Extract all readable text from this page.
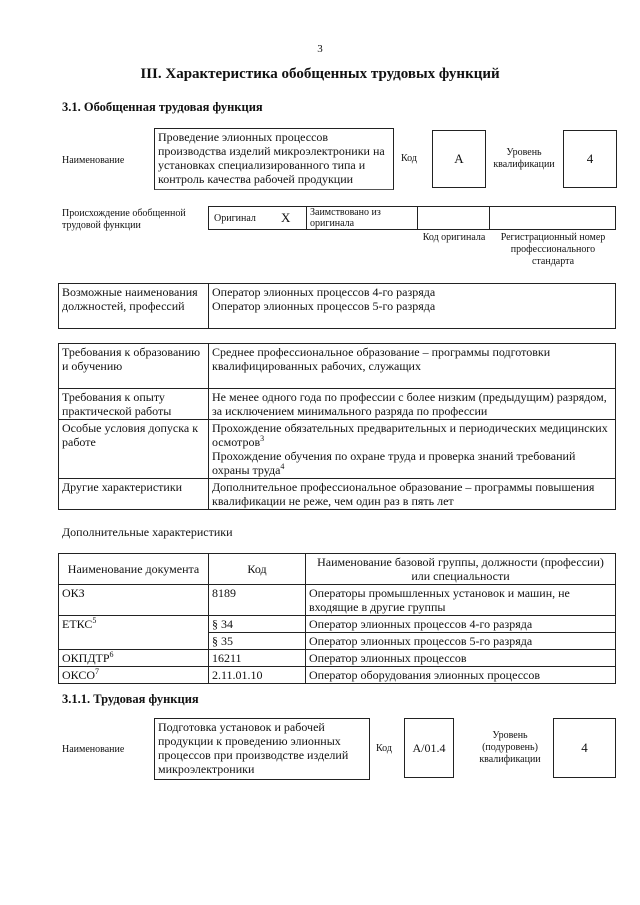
3
III. Характеристика обобщенных трудовых функций
3.1. Обобщенная трудовая функция
Наименование
Проведение элионных процессов производства изделий микроэлектроники на установках специализированного типа и контроль качества рабочей продукции
Код	A	Уровень квалификации	4
Происхождение обобщенной трудовой функции
Оригинал X	Заимствовано из оригинала
Код оригинала	Регистрационный номер профессионального стандарта
Возможные наименования должностей, профессий	
Оператор элионных процессов 4-го разряда
Оператор элионных процессов 5-го разряда
Требования к образованию и обучению	Среднее профессиональное образование – программы подготовки квалифицированных рабочих, служащих
Требования к опыту практической работы	Не менее одного года по профессии с более низким (предыдущим) разрядом, за исключением минимального разряда по профессии
Особые условия допуска к работе	Прохождение обязательных предварительных и периодических медицинских осмотров$^3$
Прохождение обучения по охране труда и проверка знаний требований охраны труда$^4$
Другие характеристики	Дополнительное профессиональное образование – программы повышения квалификации не реже, чем один раз в пять лет
Дополнительные характеристики
Наименование документа	Код	Наименование базовой группы, должности (профессии) или специальности
ОКЗ	8189	Операторы промышленных установок и машин, не входящие в другие группы
ЕТКС$^5$	§ 34	Оператор элионных процессов 4-го разряда
	§ 35	Оператор элионных процессов 5-го разряда
ОКПДТР$^6$	16211	Оператор элионных процессов
ОКСО$^7$	2.11.01.10	Оператор оборудования элионных процессов
3.1.1. Трудовая функция
Наименование
Подготовка установок и рабочей продукции к проведению элионных процессов при производстве изделий микроэлектроники
Код	A/01.4
Уровень (подуровень) квалификации
4
